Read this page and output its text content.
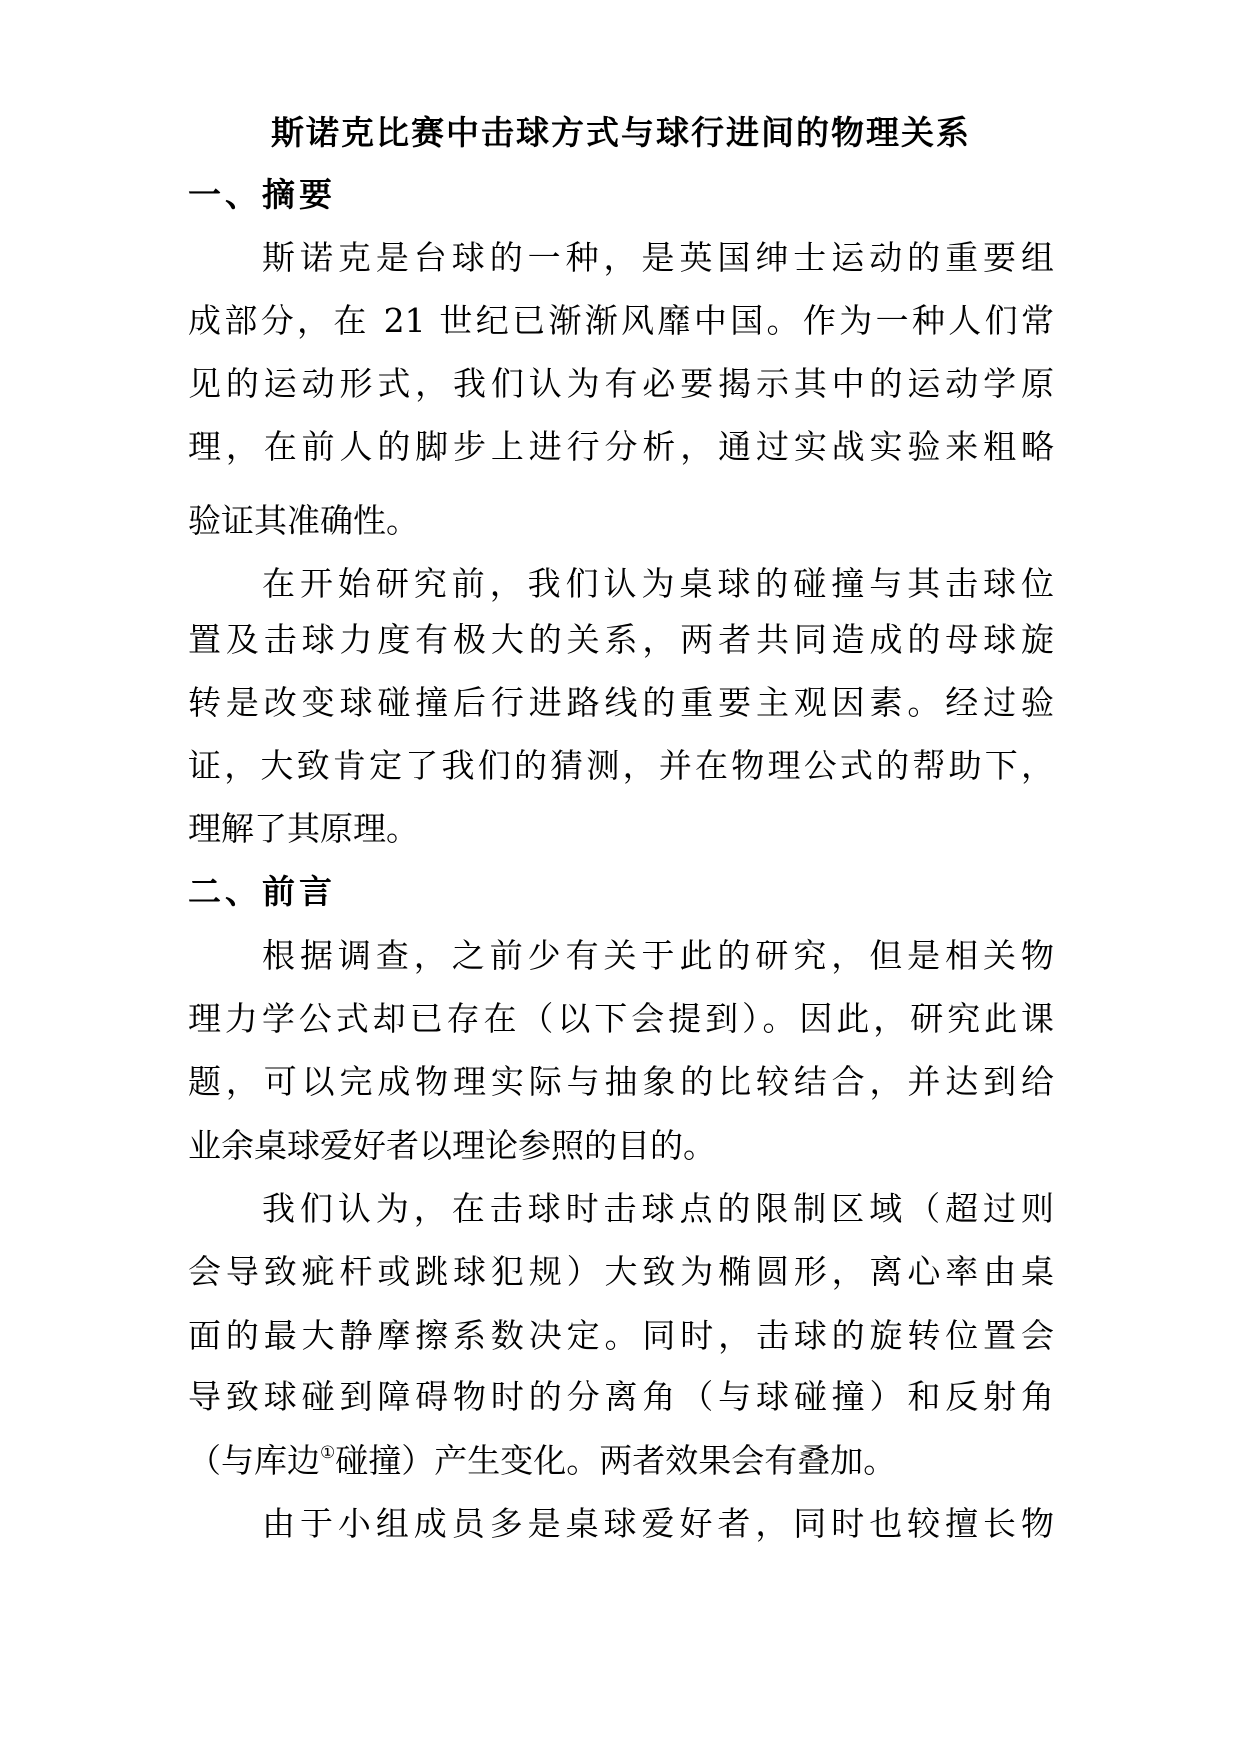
斯诺克比赛中击球方式与球行进间的物理关系
一、摘要
斯诺克是台球的一种，是英国绅士运动的重要组
成部分，在 21 世纪已渐渐风靡中国。作为一种人们常
见的运动形式，我们认为有必要揭示其中的运动学原
理，在前人的脚步上进行分析，通过实战实验来粗略
验证其准确性。
在开始研究前，我们认为桌球的碰撞与其击球位
置及击球力度有极大的关系，两者共同造成的母球旋
转是改变球碰撞后行进路线的重要主观因素。经过验
证，大致肯定了我们的猜测，并在物理公式的帮助下，
理解了其原理。
二、前言
根据调查，之前少有关于此的研究，但是相关物
理力学公式却已存在（以下会提到）。因此，研究此课
题，可以完成物理实际与抽象的比较结合，并达到给
业余桌球爱好者以理论参照的目的。
我们认为，在击球时击球点的限制区域（超过则
会导致疵杆或跳球犯规）大致为椭圆形，离心率由桌
面的最大静摩擦系数决定。同时，击球的旋转位置会
导致球碰到障碍物时的分离角（与球碰撞）和反射角
（与库边①碰撞）产生变化。两者效果会有叠加。
由于小组成员多是桌球爱好者，同时也较擅长物
